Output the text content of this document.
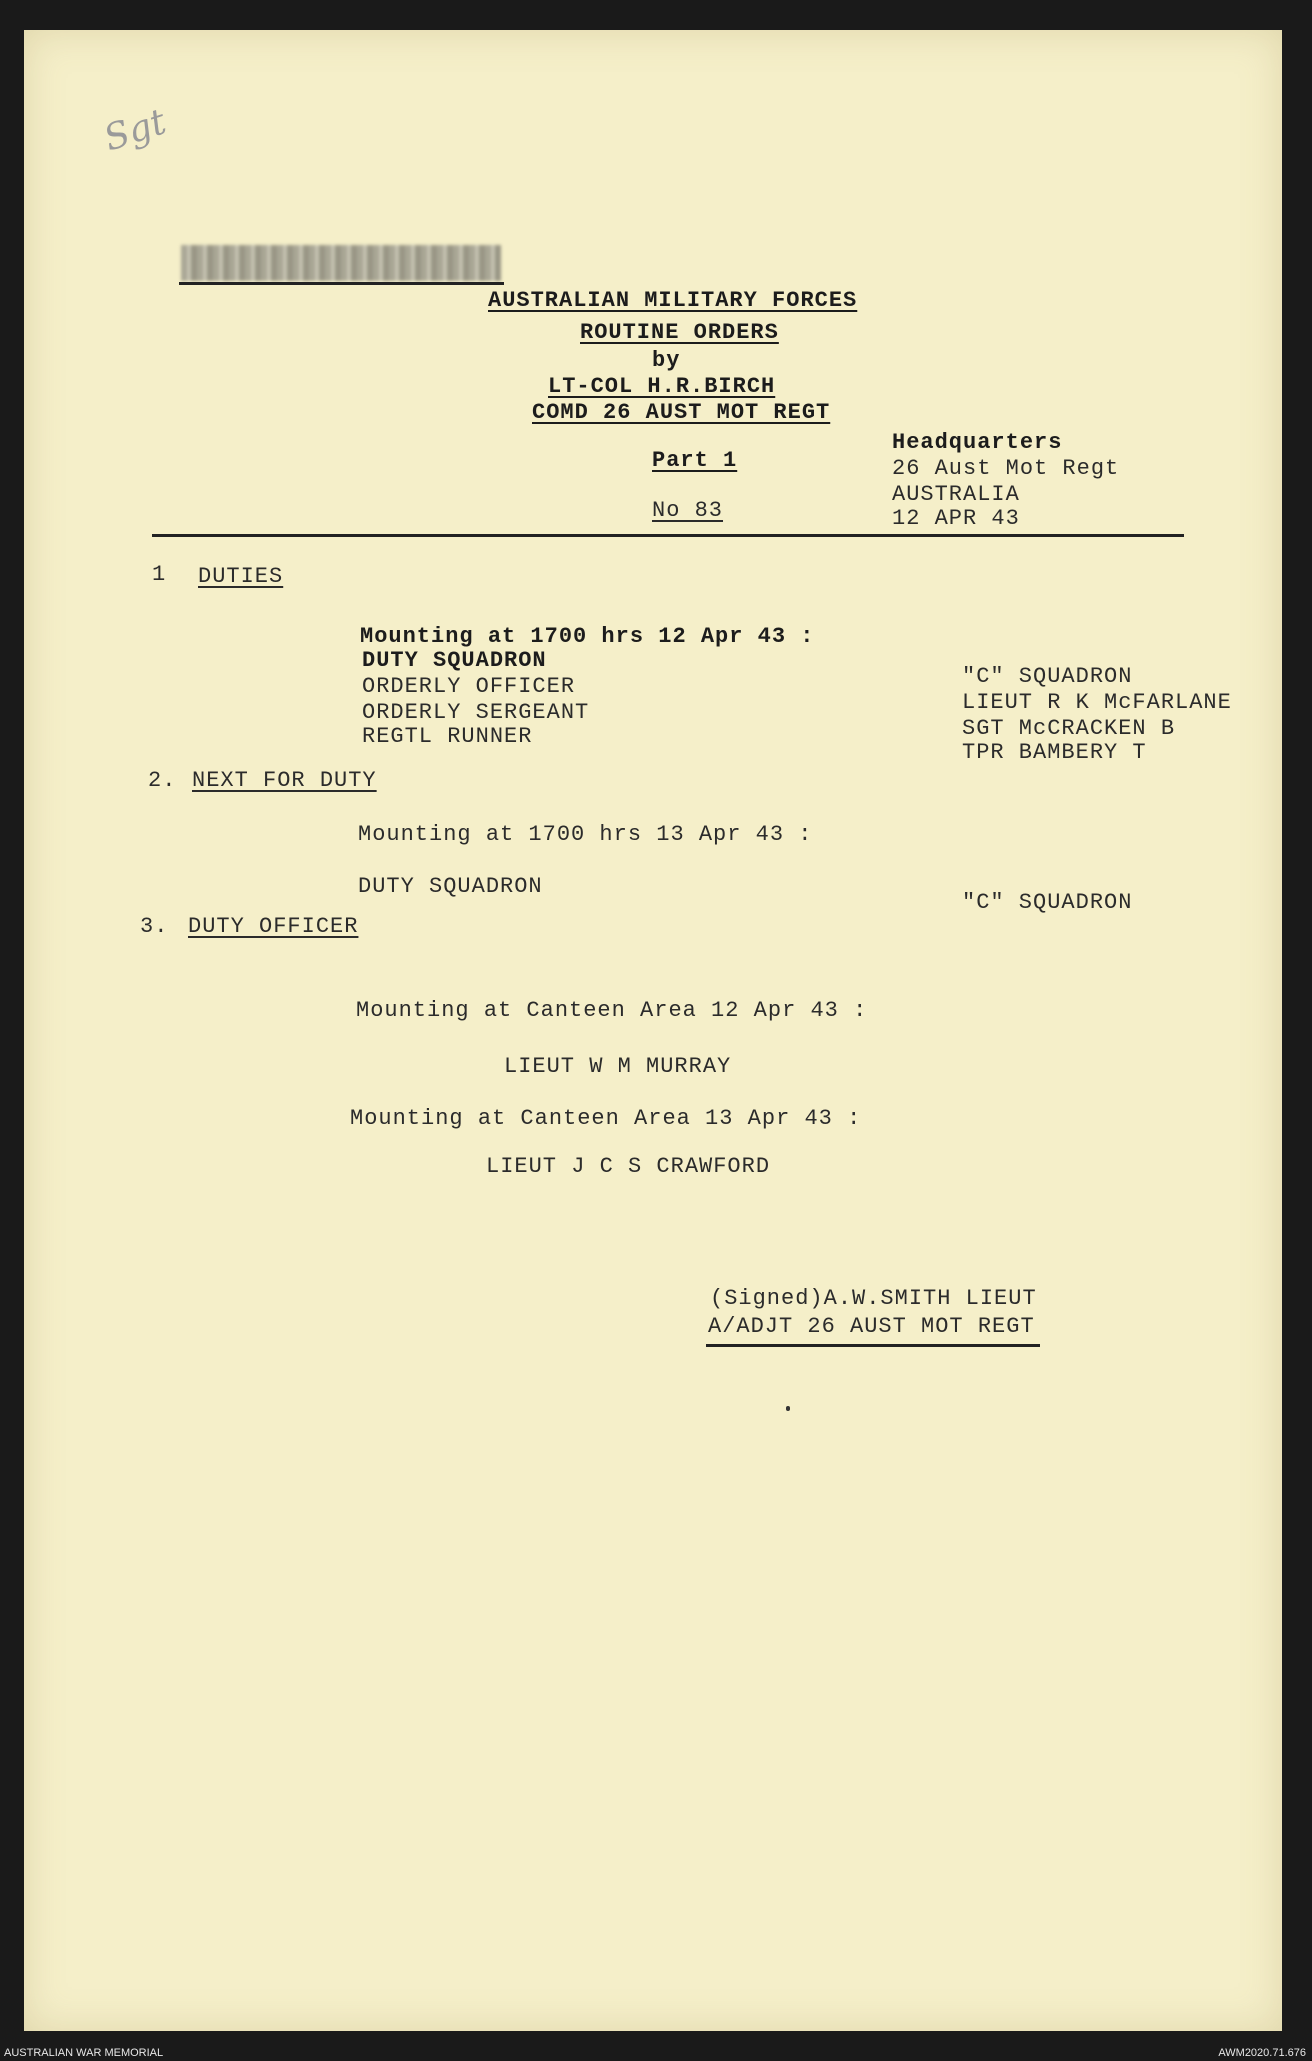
Sgt
AUSTRALIAN MILITARY FORCES
ROUTINE ORDERS
by
LT-COL H.R.BIRCH
COMD 26 AUST MOT REGT
Part 1
No 83
Headquarters
26 Aust Mot Regt
AUSTRALIA
12 APR 43
1 DUTIES
Mounting at 1700 hrs 12 Apr 43 :
DUTY SQUADRON
ORDERLY OFFICER
ORDERLY SERGEANT
REGTL RUNNER
"C" SQUADRON
LIEUT R K McFARLANE
SGT McCRACKEN B
TPR BAMBERY T
2. NEXT FOR DUTY
Mounting at 1700 hrs 13 Apr 43 :
DUTY SQUADRON
"C" SQUADRON
3. DUTY OFFICER
Mounting at Canteen Area 12 Apr 43 :
LIEUT W M MURRAY
Mounting at Canteen Area 13 Apr 43 :
LIEUT J C S CRAWFORD
(Signed)A.W.SMITH LIEUT
A/ADJT 26 AUST MOT REGT
AUSTRALIAN WAR MEMORIAL	AWM2020.71.676
